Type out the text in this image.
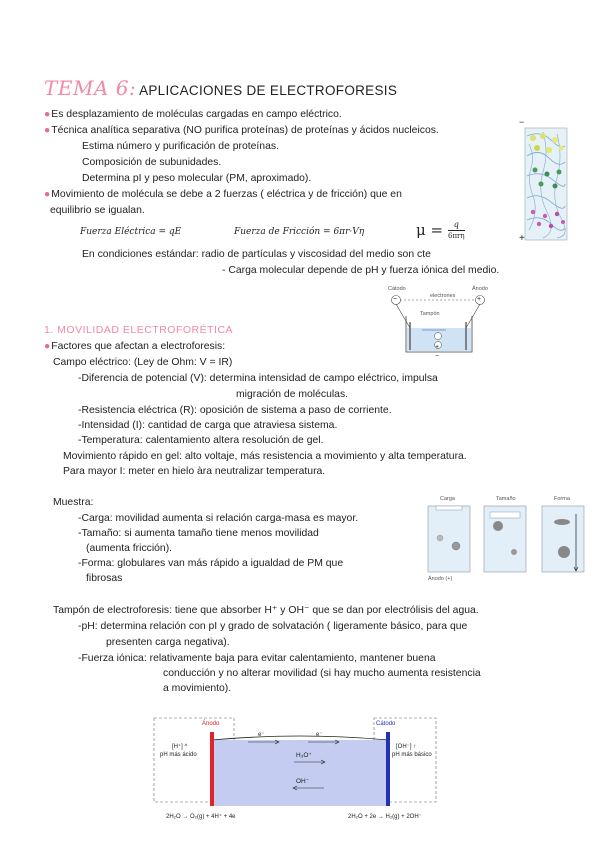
TEMA 6: APLICACIONES DE ELECTROFORESIS
●Es desplazamiento de moléculas cargadas en campo eléctrico.
●Técnica analítica separativa (NO purifica proteínas) de proteínas y ácidos nucleicos.
Estima número y purificación de proteínas.
Composición de subunidades.
Determina pI y peso molecular (PM, aproximado).
●Movimiento de molécula se debe a 2 fuerzas ( eléctrica y de fricción) que en
equilibrio se igualan.
Fuerza Eléctrica = qE	Fuerza de Fricción = 6πr·Vη	μ =	q
6πrη
En condiciones estándar: radio de partículas y viscosidad del medio son cte
- Carga molecular depende de pH y fuerza iónica del medio.
−
+
Cátodo	Ánodo
electrones
Tampón
−	+
+
−
1. MOVILIDAD ELECTROFORÉTICA
●Factores que afectan a electroforesis:
Campo eléctrico: (Ley de Ohm: V = IR)
-Diferencia de potencial (V): determina intensidad de campo eléctrico, impulsa
migración de moléculas.
-Resistencia eléctrica (R): oposición de sistema a paso de corriente.
-Intensidad (I): cantidad de carga que atraviesa sistema.
-Temperatura: calentamiento altera resolución de gel.
Movimiento rápido en gel: alto voltaje, más resistencia a movimiento y alta temperatura.
Para mayor I: meter en hielo àra neutralizar temperatura.
Muestra:
-Carga: movilidad aumenta si relación carga-masa es mayor.
-Tamaño: si aumenta tamaño tiene menos movilidad
(aumenta fricción).
-Forma: globulares van más rápido a igualdad de PM que
fibrosas
Carga	Tamaño	Forma
Ánodo (+)
Tampón de electroforesis: tiene que absorber H⁺ y OH⁻ que se dan por electrólisis del agua.
-pH: determina relación con pI y grado de solvatación ( ligeramente básico, para que
presenten carga negativa).
-Fuerza iónica: relativamente baja para evitar calentamiento, mantener buena
conducción y no alterar movilidad (si hay mucho aumenta resistencia
a movimiento).
Ánodo	Cátodo
[H⁺] ^
pH más ácido
[OH⁻] ↑
pH más básico
e⁻	e⁻
H₃O⁺
OH⁻
2H₂O → O₂(g) + 4H⁺ + 4e	2H₂O + 2e → H₂(g) + 2OH⁻
